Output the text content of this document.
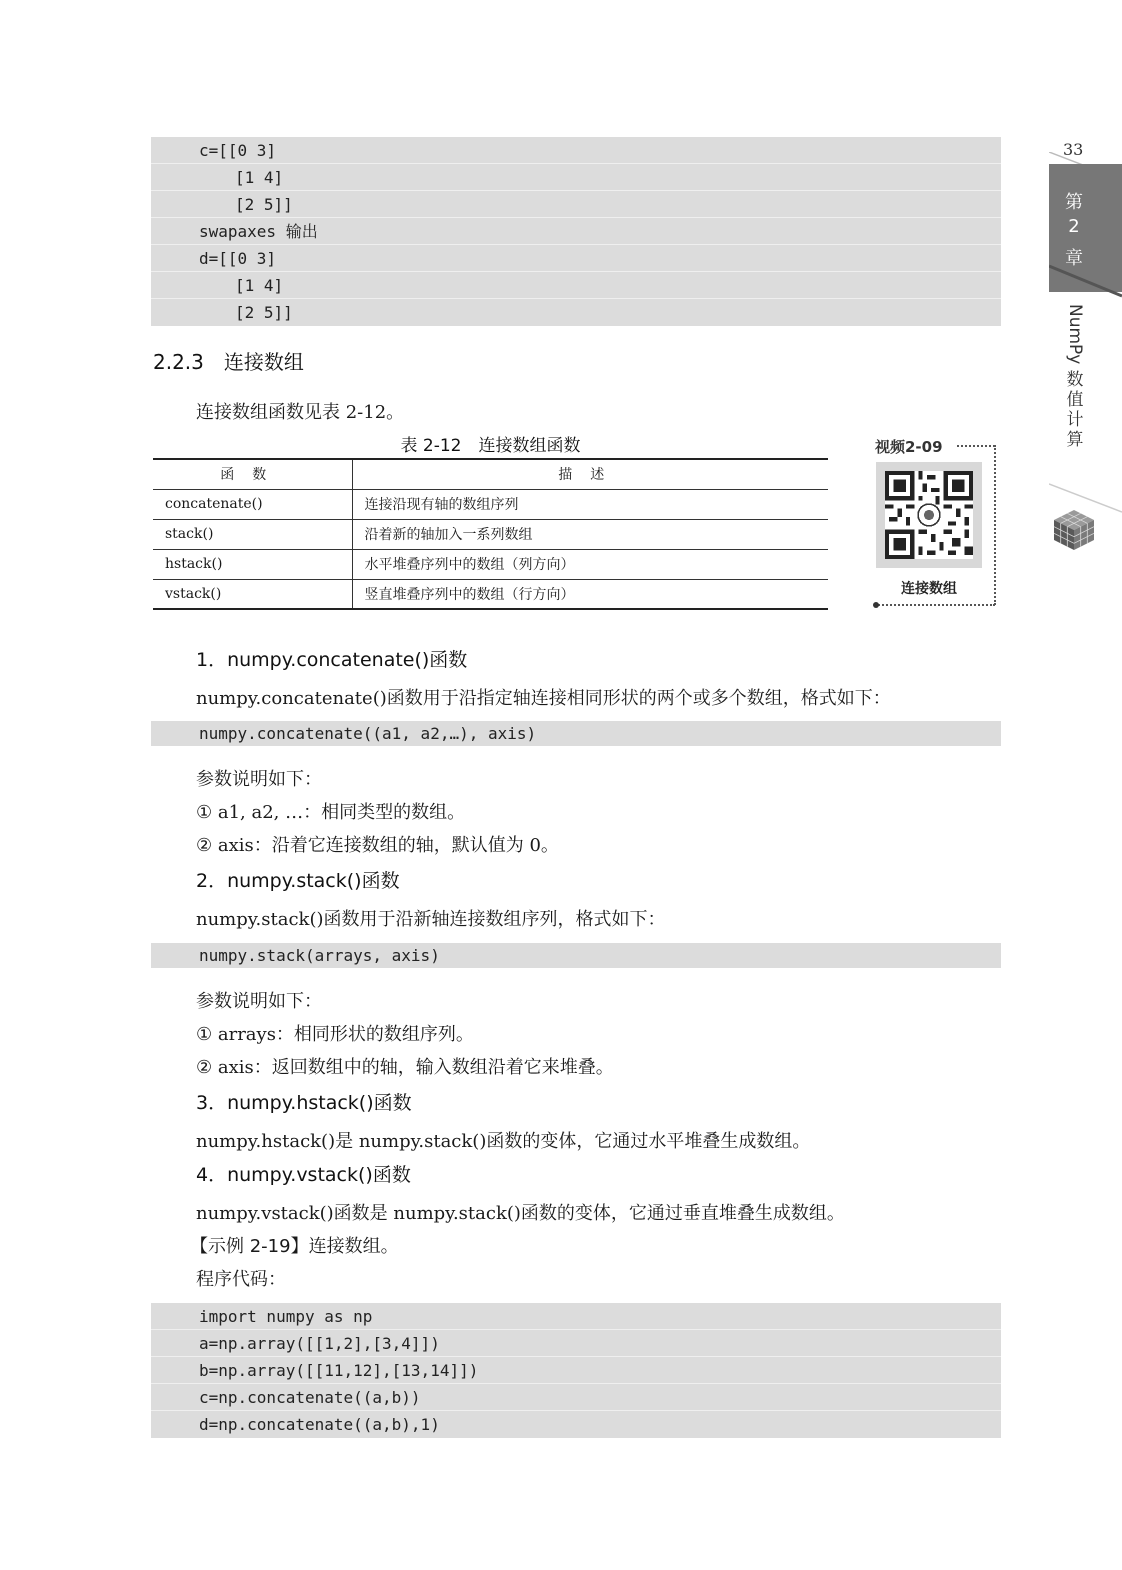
c=[[0 3]
[1 4]
[2 5]]
swapaxes 输出
d=[[0 3]
[1 4]
[2 5]]
2.2.3　连接数组
连接数组函数见表 2-12。
表 2-12　连接数组函数
函数	描述
concatenate()	连接沿现有轴的数组序列
stack()	沿着新的轴加入一系列数组
hstack()	水平堆叠序列中的数组（列方向）
vstack()	竖直堆叠序列中的数组（行方向）
视频2-09
连接数组
1．numpy.concatenate()函数
numpy.concatenate()函数用于沿指定轴连接相同形状的两个或多个数组，格式如下：
numpy.concatenate((a1, a2,…), axis)
参数说明如下：
① a1, a2, …：相同类型的数组。
② axis：沿着它连接数组的轴，默认值为 0。
2．numpy.stack()函数
numpy.stack()函数用于沿新轴连接数组序列，格式如下：
numpy.stack(arrays, axis)
参数说明如下：
① arrays：相同形状的数组序列。
② axis：返回数组中的轴，输入数组沿着它来堆叠。
3．numpy.hstack()函数
numpy.hstack()是 numpy.stack()函数的变体，它通过水平堆叠生成数组。
4．numpy.vstack()函数
numpy.vstack()函数是 numpy.stack()函数的变体，它通过垂直堆叠生成数组。
【示例 2-19】连接数组。
程序代码：
import numpy as np
a=np.array([[1,2],[3,4]])
b=np.array([[11,12],[13,14]])
c=np.concatenate((a,b))
d=np.concatenate((a,b),1)
33
第
2
章
NumPy
数
值
计
算
